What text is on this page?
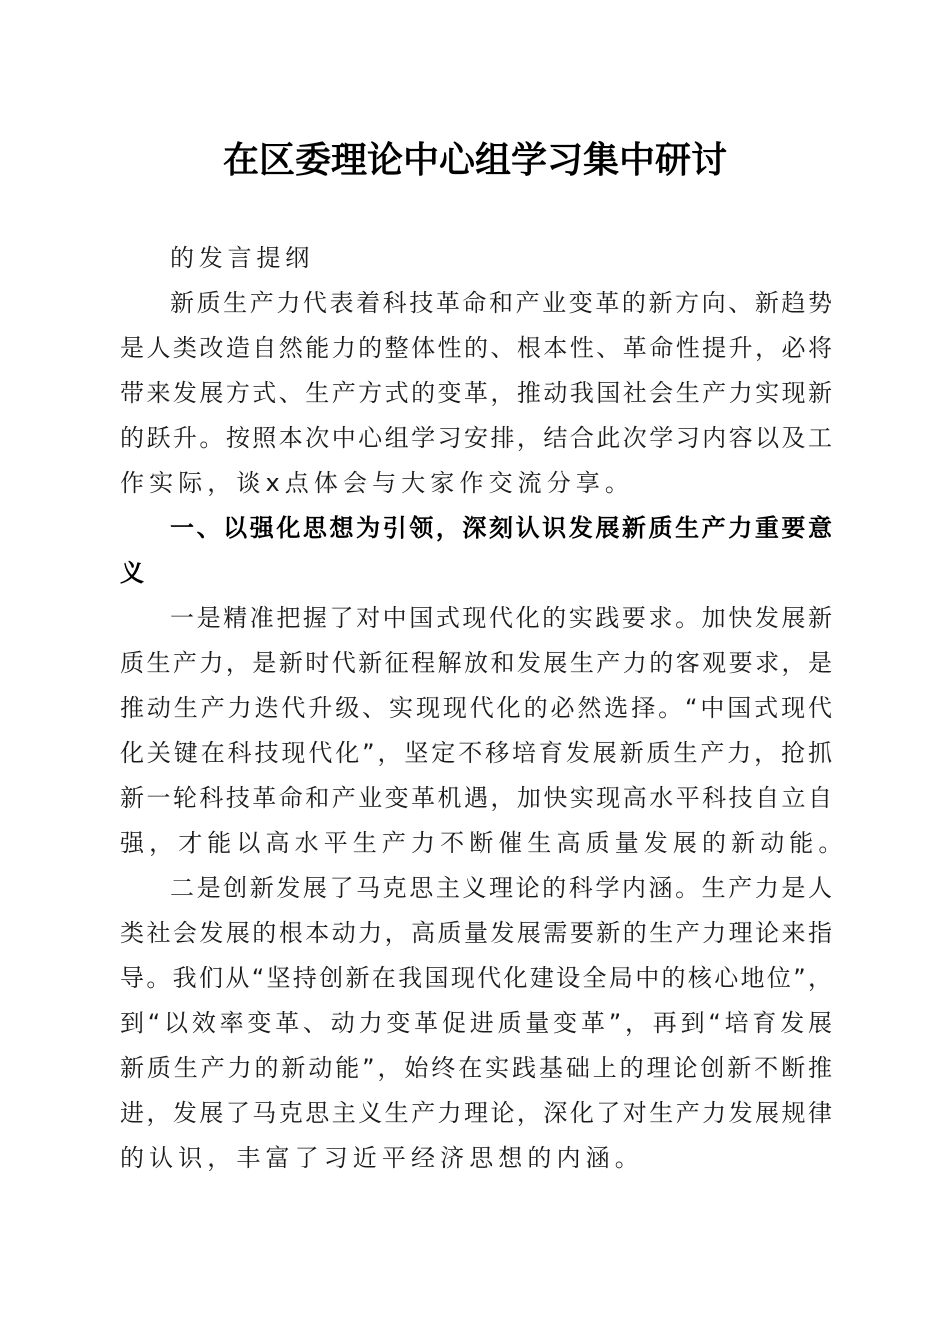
在区委理论中心组学习集中研讨
的发言提纲
新质生产力代表着科技革命和产业变革的新方向、新趋势
是人类改造自然能力的整体性的、根本性、革命性提升，必将
带来发展方式、生产方式的变革，推动我国社会生产力实现新
的跃升。按照本次中心组学习安排，结合此次学习内容以及工
作实际，谈x点体会与大家作交流分享。
一、以强化思想为引领，深刻认识发展新质生产力重要意
义
一是精准把握了对中国式现代化的实践要求。加快发展新
质生产力，是新时代新征程解放和发展生产力的客观要求，是
推动生产力迭代升级、实现现代化的必然选择。“中国式现代
化关键在科技现代化”，坚定不移培育发展新质生产力，抢抓
新一轮科技革命和产业变革机遇，加快实现高水平科技自立自
强，才能以高水平生产力不断催生高质量发展的新动能。
二是创新发展了马克思主义理论的科学内涵。生产力是人
类社会发展的根本动力，高质量发展需要新的生产力理论来指
导。我们从“坚持创新在我国现代化建设全局中的核心地位”，
到“以效率变革、动力变革促进质量变革”，再到“培育发展
新质生产力的新动能”，始终在实践基础上的理论创新不断推
进，发展了马克思主义生产力理论，深化了对生产力发展规律
的认识，丰富了习近平经济思想的内涵。
